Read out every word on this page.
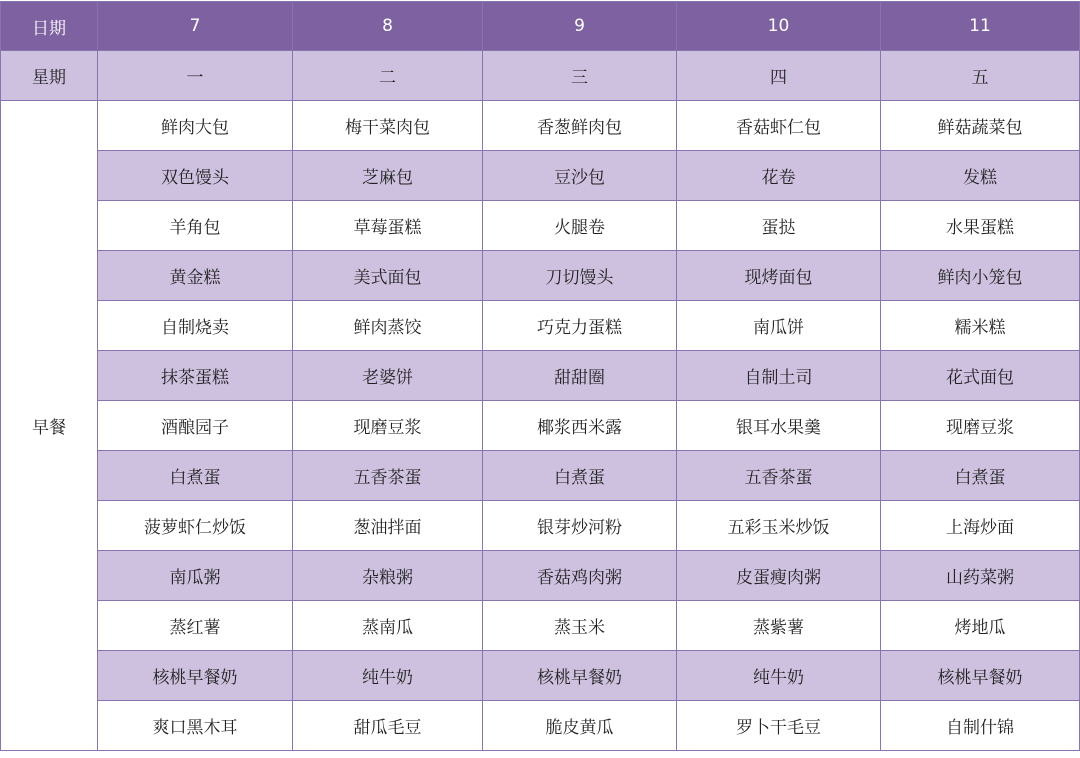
日期	7	8	9	10	11
星期	一	二	三	四	五
早餐	鲜肉大包	梅干菜肉包	香葱鲜肉包	香菇虾仁包	鲜菇蔬菜包
	双色馒头	芝麻包	豆沙包	花卷	发糕
	羊角包	草莓蛋糕	火腿卷	蛋挞	水果蛋糕
	黄金糕	美式面包	刀切馒头	现烤面包	鲜肉小笼包
	自制烧卖	鲜肉蒸饺	巧克力蛋糕	南瓜饼	糯米糕
	抹茶蛋糕	老婆饼	甜甜圈	自制土司	花式面包
	酒酿园子	现磨豆浆	椰浆西米露	银耳水果羹	现磨豆浆
	白煮蛋	五香茶蛋	白煮蛋	五香茶蛋	白煮蛋
	菠萝虾仁炒饭	葱油拌面	银芽炒河粉	五彩玉米炒饭	上海炒面
	南瓜粥	杂粮粥	香菇鸡肉粥	皮蛋瘦肉粥	山药菜粥
	蒸红薯	蒸南瓜	蒸玉米	蒸紫薯	烤地瓜
	核桃早餐奶	纯牛奶	核桃早餐奶	纯牛奶	核桃早餐奶
	爽口黑木耳	甜瓜毛豆	脆皮黄瓜	罗卜干毛豆	自制什锦
